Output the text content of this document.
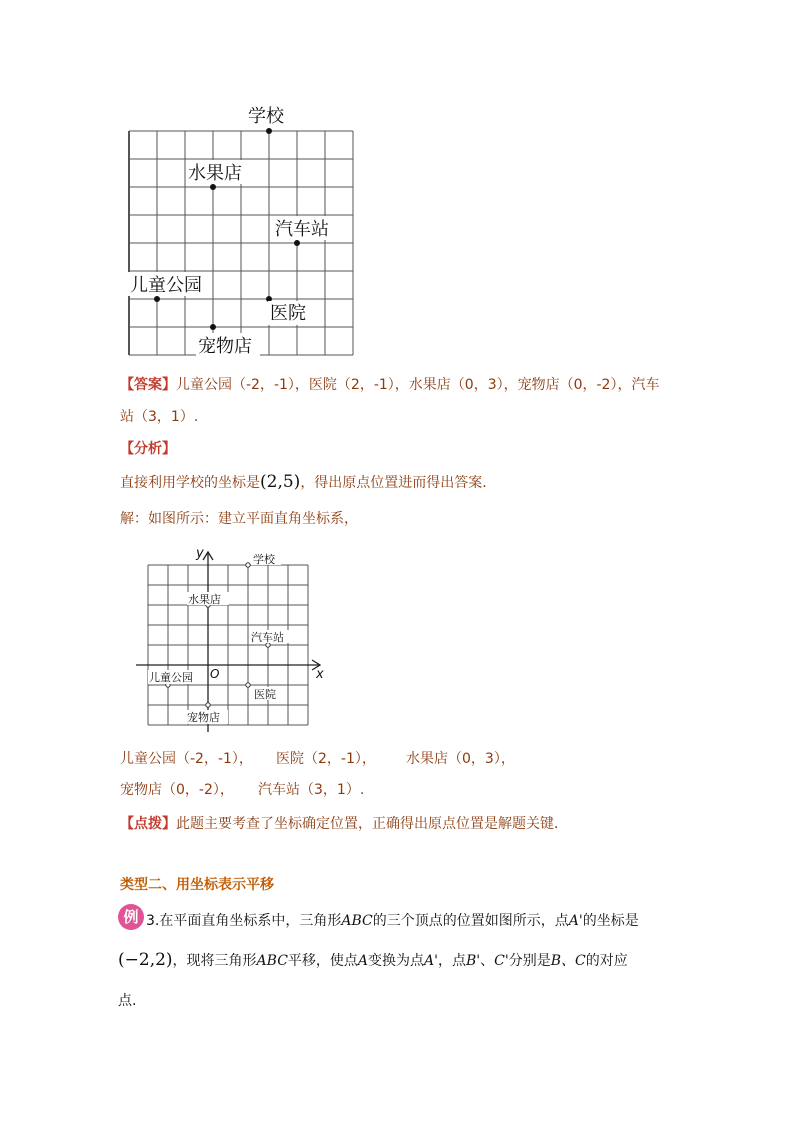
学校
水果店
汽车站
儿童公园
医院
宠物店
【答案】儿童公园（-2，-1），医院（2，-1），水果店（0，3），宠物店（0，-2），汽车
站（3，1）.
【分析】
直接利用学校的坐标是(2,5)，得出原点位置进而得出答案．
解：如图所示：建立平面直角坐标系，
y
x
O
学校
水果店
汽车站
儿童公园
医院
宠物店
儿童公园（-2，-1）， 医院（2，-1）， 水果店（0，3），
宠物店（0，-2）， 汽车站（3，1）.
【点拨】此题主要考查了坐标确定位置，正确得出原点位置是解题关键．
类型二、用坐标表示平移
例 3.在平面直角坐标系中，三角形ABC的三个顶点的位置如图所示，点A'的坐标是
(−2,2)，现将三角形ABC平移，使点A变换为点A'，点B'、C'分别是B、C的对应
点.
